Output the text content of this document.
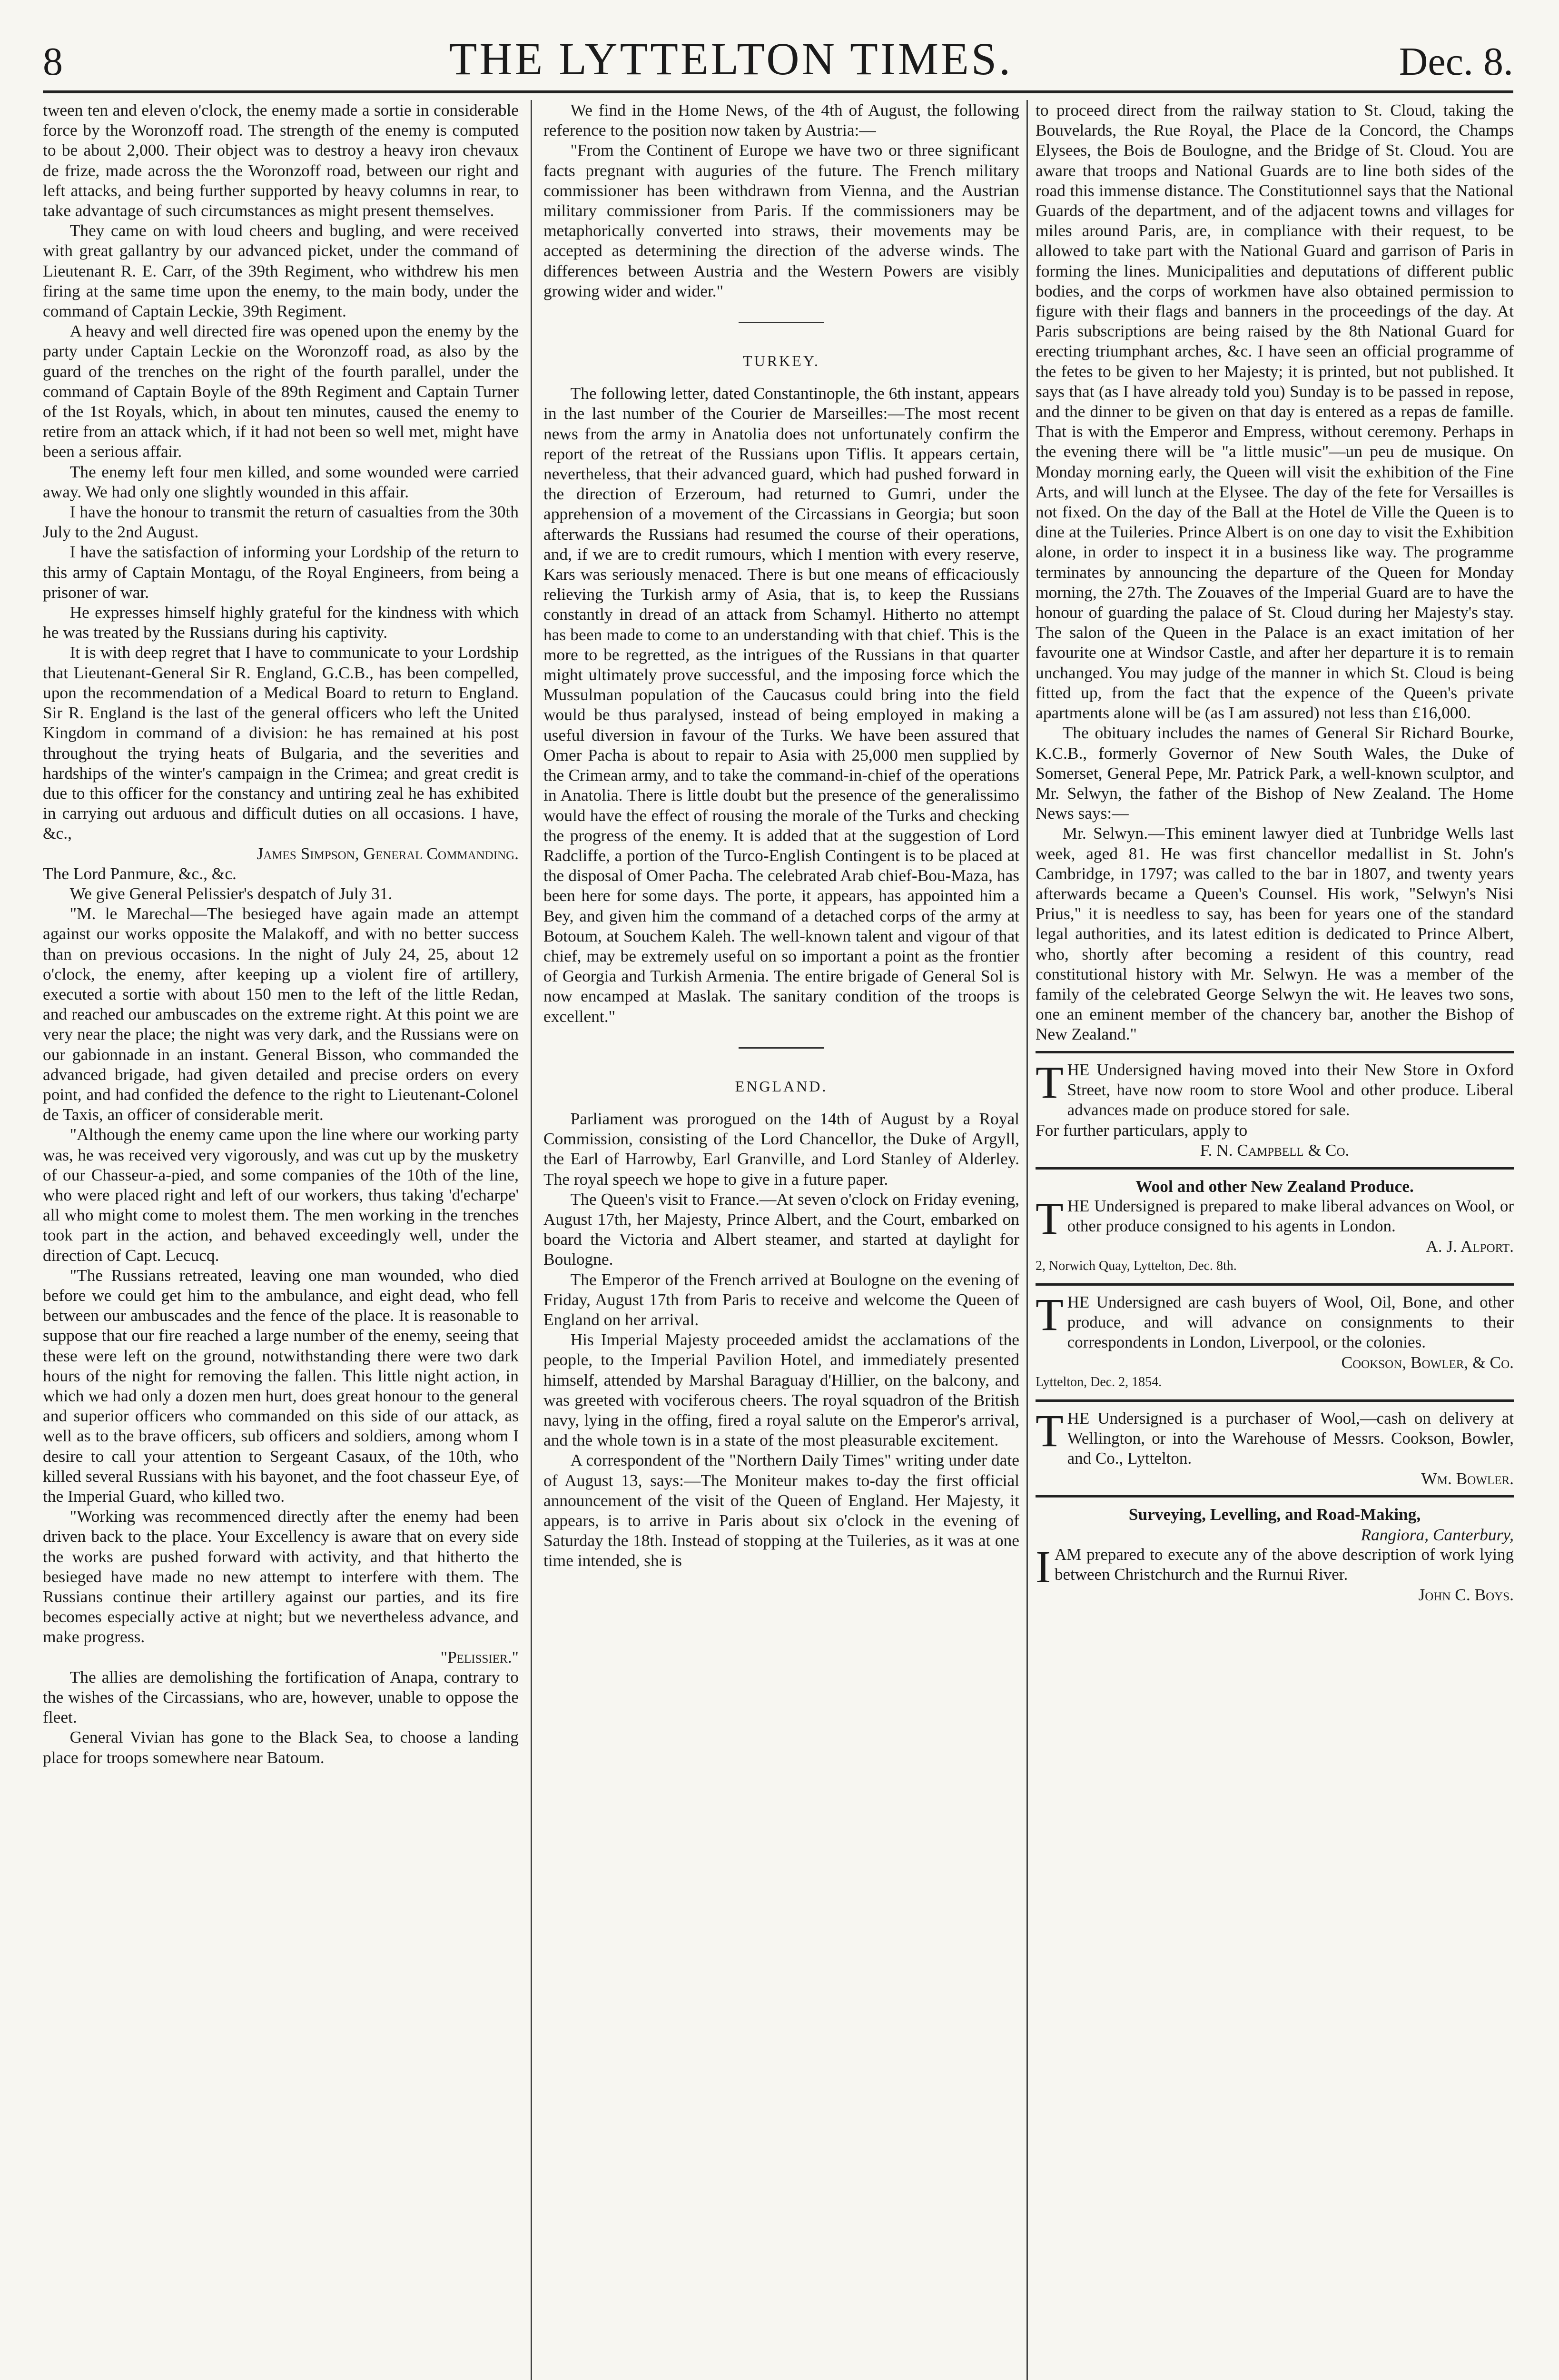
8	THE LYTTELTON TIMES.	Dec. 8.

tween ten and eleven o'clock, the enemy made a sortie in considerable force by the Woronzoff road. The strength of the enemy is computed to be about 2,000. Their object was to destroy a heavy iron chevaux de frize, made across the the Woronzoff road, between our right and left attacks, and being further supported by heavy columns in rear, to take advantage of such circumstances as might present themselves.

They came on with loud cheers and bugling, and were received with great gallantry by our advanced picket, under the command of Lieutenant R. E. Carr, of the 39th Regiment, who withdrew his men firing at the same time upon the enemy, to the main body, under the command of Captain Leckie, 39th Regiment.

A heavy and well directed fire was opened upon the enemy by the party under Captain Leckie on the Woronzoff road, as also by the guard of the trenches on the right of the fourth parallel, under the command of Captain Boyle of the 89th Regiment and Captain Turner of the 1st Royals, which, in about ten minutes, caused the enemy to retire from an attack which, if it had not been so well met, might have been a serious affair.

The enemy left four men killed, and some wounded were carried away. We had only one slightly wounded in this affair.

I have the honour to transmit the return of casualties from the 30th July to the 2nd August.

I have the satisfaction of informing your Lordship of the return to this army of Captain Montagu, of the Royal Engineers, from being a prisoner of war.

He expresses himself highly grateful for the kindness with which he was treated by the Russians during his captivity.

It is with deep regret that I have to communicate to your Lordship that Lieutenant-General Sir R. England, G.C.B., has been compelled, upon the recommendation of a Medical Board to return to England. Sir R. England is the last of the general officers who left the United Kingdom in command of a division: he has remained at his post throughout the trying heats of Bulgaria, and the severities and hardships of the winter's campaign in the Crimea; and great credit is due to this officer for the constancy and untiring zeal he has exhibited in carrying out arduous and difficult duties on all occasions. I have, &c.,

James Simpson, General Commanding.

The Lord Panmure, &c., &c.

We give General Pelissier's despatch of July 31.

"M. le Marechal—The besieged have again made an attempt against our works opposite the Malakoff, and with no better success than on previous occasions. In the night of July 24, 25, about 12 o'clock, the enemy, after keeping up a violent fire of artillery, executed a sortie with about 150 men to the left of the little Redan, and reached our ambuscades on the extreme right. At this point we are very near the place; the night was very dark, and the Russians were on our gabionnade in an instant. General Bisson, who commanded the advanced brigade, had given detailed and precise orders on every point, and had confided the defence to the right to Lieutenant-Colonel de Taxis, an officer of considerable merit.

"Although the enemy came upon the line where our working party was, he was received very vigorously, and was cut up by the musketry of our Chasseur-a-pied, and some companies of the 10th of the line, who were placed right and left of our workers, thus taking 'd'echarpe' all who might come to molest them. The men working in the trenches took part in the action, and behaved exceedingly well, under the direction of Capt. Lecucq.

"The Russians retreated, leaving one man wounded, who died before we could get him to the ambulance, and eight dead, who fell between our ambuscades and the fence of the place. It is reasonable to suppose that our fire reached a large number of the enemy, seeing that these were left on the ground, notwithstanding there were two dark hours of the night for removing the fallen. This little night action, in which we had only a dozen men hurt, does great honour to the general and superior officers who commanded on this side of our attack, as well as to the brave officers, sub officers and soldiers, among whom I desire to call your attention to Sergeant Casaux, of the 10th, who killed several Russians with his bayonet, and the foot chasseur Eye, of the Imperial Guard, who killed two.

"Working was recommenced directly after the enemy had been driven back to the place. Your Excellency is aware that on every side the works are pushed forward with activity, and that hitherto the besieged have made no new attempt to interfere with them. The Russians continue their artillery against our parties, and its fire becomes especially active at night; but we nevertheless advance, and make progress.

"Pelissier."

The allies are demolishing the fortification of Anapa, contrary to the wishes of the Circassians, who are, however, unable to oppose the fleet.

General Vivian has gone to the Black Sea, to choose a landing place for troops somewhere near Batoum.

We find in the Home News, of the 4th of August, the following reference to the position now taken by Austria:—

"From the Continent of Europe we have two or three significant facts pregnant with auguries of the future. The French military commissioner has been withdrawn from Vienna, and the Austrian military commissioner from Paris. If the commissioners may be metaphorically converted into straws, their movements may be accepted as determining the direction of the adverse winds. The differences between Austria and the Western Powers are visibly growing wider and wider."

TURKEY.

The following letter, dated Constantinople, the 6th instant, appears in the last number of the Courier de Marseilles:—The most recent news from the army in Anatolia does not unfortunately confirm the report of the retreat of the Russians upon Tiflis. It appears certain, nevertheless, that their advanced guard, which had pushed forward in the direction of Erzeroum, had returned to Gumri, under the apprehension of a movement of the Circassians in Georgia; but soon afterwards the Russians had resumed the course of their operations, and, if we are to credit rumours, which I mention with every reserve, Kars was seriously menaced. There is but one means of efficaciously relieving the Turkish army of Asia, that is, to keep the Russians constantly in dread of an attack from Schamyl. Hitherto no attempt has been made to come to an understanding with that chief. This is the more to be regretted, as the intrigues of the Russians in that quarter might ultimately prove successful, and the imposing force which the Mussulman population of the Caucasus could bring into the field would be thus paralysed, instead of being employed in making a useful diversion in favour of the Turks. We have been assured that Omer Pacha is about to repair to Asia with 25,000 men supplied by the Crimean army, and to take the command-in-chief of the operations in Anatolia. There is little doubt but the presence of the generalissimo would have the effect of rousing the morale of the Turks and checking the progress of the enemy. It is added that at the suggestion of Lord Radcliffe, a portion of the Turco-English Contingent is to be placed at the disposal of Omer Pacha. The celebrated Arab chief-Bou-Maza, has been here for some days. The porte, it appears, has appointed him a Bey, and given him the command of a detached corps of the army at Botoum, at Souchem Kaleh. The well-known talent and vigour of that chief, may be extremely useful on so important a point as the frontier of Georgia and Turkish Armenia. The entire brigade of General Sol is now encamped at Maslak. The sanitary condition of the troops is excellent."

ENGLAND.

Parliament was prorogued on the 14th of August by a Royal Commission, consisting of the Lord Chancellor, the Duke of Argyll, the Earl of Harrowby, Earl Granville, and Lord Stanley of Alderley. The royal speech we hope to give in a future paper.

The Queen's visit to France.—At seven o'clock on Friday evening, August 17th, her Majesty, Prince Albert, and the Court, embarked on board the Victoria and Albert steamer, and started at daylight for Boulogne.

The Emperor of the French arrived at Boulogne on the evening of Friday, August 17th from Paris to receive and welcome the Queen of England on her arrival.

His Imperial Majesty proceeded amidst the acclamations of the people, to the Imperial Pavilion Hotel, and immediately presented himself, attended by Marshal Baraguay d'Hillier, on the balcony, and was greeted with vociferous cheers. The royal squadron of the British navy, lying in the offing, fired a royal salute on the Emperor's arrival, and the whole town is in a state of the most pleasurable excitement.

A correspondent of the "Northern Daily Times" writing under date of August 13, says:—The Moniteur makes to-day the first official announcement of the visit of the Queen of England. Her Majesty, it appears, is to arrive in Paris about six o'clock in the evening of Saturday the 18th. Instead of stopping at the Tuileries, as it was at one time intended, she is

to proceed direct from the railway station to St. Cloud, taking the Bouvelards, the Rue Royal, the Place de la Concord, the Champs Elysees, the Bois de Boulogne, and the Bridge of St. Cloud. You are aware that troops and National Guards are to line both sides of the road this immense distance. The Constitutionnel says that the National Guards of the department, and of the adjacent towns and villages for miles around Paris, are, in compliance with their request, to be allowed to take part with the National Guard and garrison of Paris in forming the lines. Municipalities and deputations of different public bodies, and the corps of workmen have also obtained permission to figure with their flags and banners in the proceedings of the day. At Paris subscriptions are being raised by the 8th National Guard for erecting triumphant arches, &c. I have seen an official programme of the fetes to be given to her Majesty; it is printed, but not published. It says that (as I have already told you) Sunday is to be passed in repose, and the dinner to be given on that day is entered as a repas de famille. That is with the Emperor and Empress, without ceremony. Perhaps in the evening there will be "a little music"—un peu de musique. On Monday morning early, the Queen will visit the exhibition of the Fine Arts, and will lunch at the Elysee. The day of the fete for Versailles is not fixed. On the day of the Ball at the Hotel de Ville the Queen is to dine at the Tuileries. Prince Albert is on one day to visit the Exhibition alone, in order to inspect it in a business like way. The programme terminates by announcing the departure of the Queen for Monday morning, the 27th. The Zouaves of the Imperial Guard are to have the honour of guarding the palace of St. Cloud during her Majesty's stay. The salon of the Queen in the Palace is an exact imitation of her favourite one at Windsor Castle, and after her departure it is to remain unchanged. You may judge of the manner in which St. Cloud is being fitted up, from the fact that the expence of the Queen's private apartments alone will be (as I am assured) not less than £16,000.

The obituary includes the names of General Sir Richard Bourke, K.C.B., formerly Governor of New South Wales, the Duke of Somerset, General Pepe, Mr. Patrick Park, a well-known sculptor, and Mr. Selwyn, the father of the Bishop of New Zealand. The Home News says:—

Mr. Selwyn.—This eminent lawyer died at Tunbridge Wells last week, aged 81. He was first chancellor medallist in St. John's Cambridge, in 1797; was called to the bar in 1807, and twenty years afterwards became a Queen's Counsel. His work, "Selwyn's Nisi Prius," it is needless to say, has been for years one of the standard legal authorities, and its latest edition is dedicated to Prince Albert, who, shortly after becoming a resident of this country, read constitutional history with Mr. Selwyn. He was a member of the family of the celebrated George Selwyn the wit. He leaves two sons, one an eminent member of the chancery bar, another the Bishop of New Zealand."

THE Undersigned having moved into their New Store in Oxford Street, have now room to store Wool and other produce. Liberal advances made on produce stored for sale.

For further particulars, apply to

F. N. Campbell & Co.

Wool and other New Zealand Produce.

THE Undersigned is prepared to make liberal advances on Wool, or other produce consigned to his agents in London.

A. J. Alport.

2, Norwich Quay, Lyttelton, Dec. 8th.

THE Undersigned are cash buyers of Wool, Oil, Bone, and other produce, and will advance on consignments to their correspondents in London, Liverpool, or the colonies.

Cookson, Bowler, & Co.

Lyttelton, Dec. 2, 1854.

THE Undersigned is a purchaser of Wool,—cash on delivery at Wellington, or into the Warehouse of Messrs. Cookson, Bowler, and Co., Lyttelton.

Wm. Bowler.

Surveying, Levelling, and Road-Making,

Rangiora, Canterbury,

IAM prepared to execute any of the above description of work lying between Christchurch and the Rurnui River.

John C. Boys.
